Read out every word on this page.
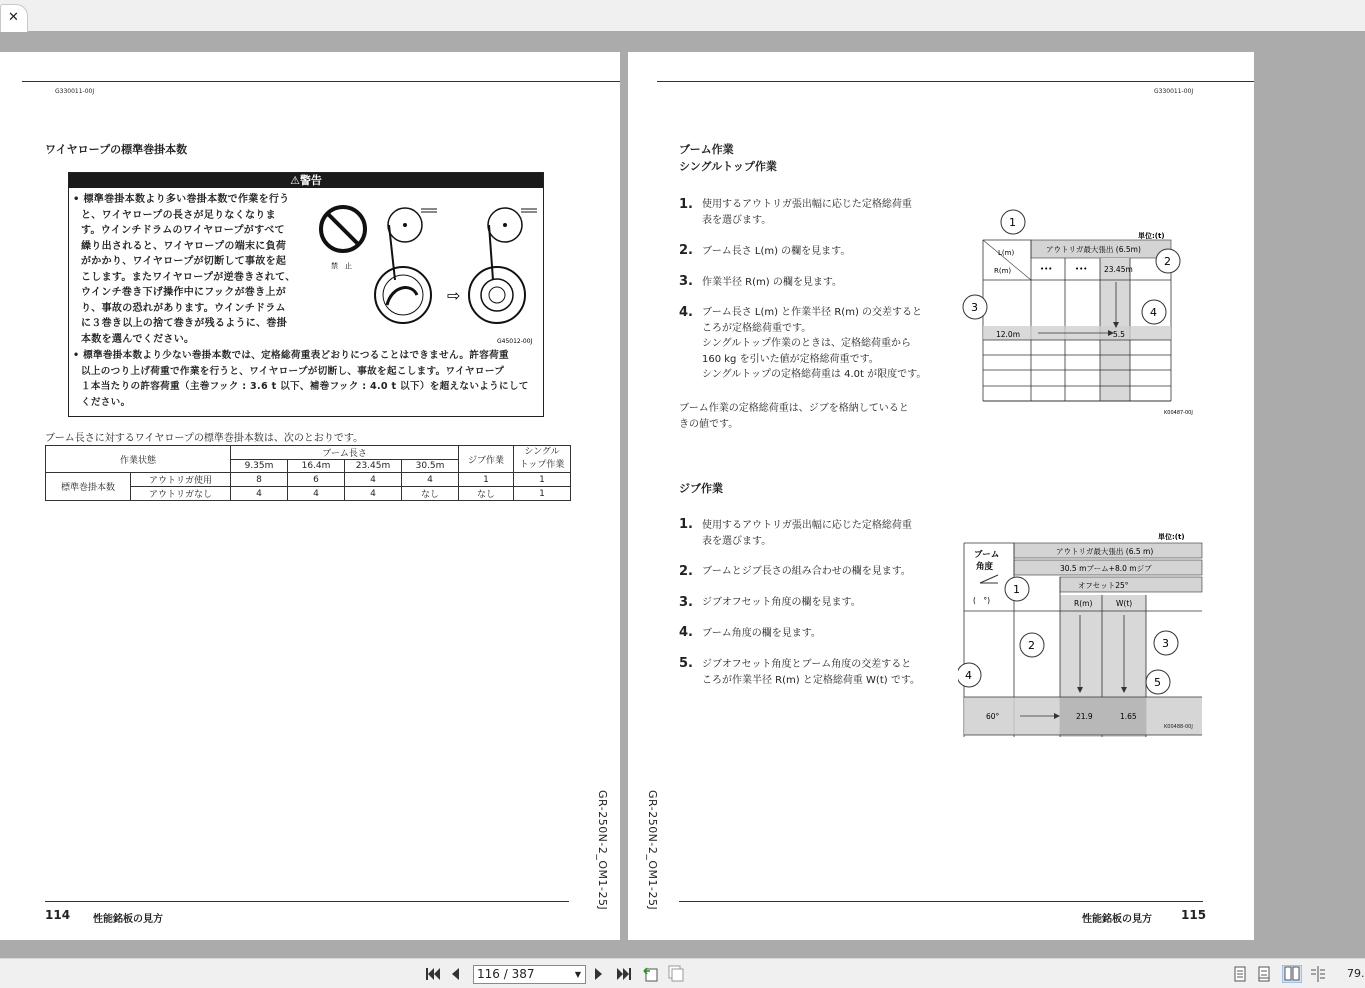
✕
G330011-00J
ワイヤロープの標準巻掛本数
⚠警告
• 標準巻掛本数より多い巻掛本数で作業を行う
と、ワイヤロープの長さが足りなくなりま
す。ウインチドラムのワイヤロープがすべて
繰り出されると、ワイヤロープの端末に負荷
がかかり、ワイヤロープが切断して事故を起
こします。またワイヤロープが逆巻きされて、
ウインチ巻き下げ操作中にフックが巻き上が
り、事故の恐れがあります。ウインチドラム
に３巻き以上の捨て巻きが残るように、巻掛
本数を選んでください。
禁　止
⇨
G45012-00J
• 標準巻掛本数より少ない巻掛本数では、定格総荷重表どおりにつることはできません。許容荷重
以上のつり上げ荷重で作業を行うと、ワイヤロープが切断し、事故を起こします。ワイヤロープ
１本当たりの許容荷重（主巻フック : 3.6 t 以下、補巻フック : 4.0 t 以下）を超えないようにして
ください。
ブーム長さに対するワイヤロープの標準巻掛本数は、次のとおりです。
作業状態		ブーム長さ				ジブ作業	シングル
トップ作業

		9.35m	16.4m	23.45m	30.5m		
標準巻掛本数	アウトリガ使用	8	6	4	4	1	1
	アウトリガなし	4	4	4	なし	なし	1
GR-250N-2_OM1-25J
114 性能銘板の見方
G330011-00J
ブーム作業
シングルトップ作業
1. 使用するアウトリガ張出幅に応じた定格総荷重
表を選びます。
2. ブーム長さ L(m) の欄を見ます。
3. 作業半径 R(m) の欄を見ます。
4. ブーム長さ L(m) と作業半径 R(m) の交差すると
ころが定格総荷重です。
シングルトップ作業のときは、定格総荷重から
160 kg を引いた値が定格総荷重です。
シングルトップの定格総荷重は 4.0t が限度です。
ブーム作業の定格総荷重は、ジブを格納していると
きの値です。
単位:(t)
アウトリガ最大張出 (6.5m)
L(m)
R(m)	•••	••• 23.45m
12.0m	5.5
1
2
3	4
K00487-00J
ジブ作業
1. 使用するアウトリガ張出幅に応じた定格総荷重
表を選びます。
2. ブームとジブ長さの組み合わせの欄を見ます。
3. ジブオフセット角度の欄を見ます。
4. ブーム角度の欄を見ます。
5. ジブオフセット角度とブーム角度の交差すると
ころが作業半径 R(m) と定格総荷重 W(t) です。
単位:(t)
アウトリガ最大張出 (6.5 m)
30.5 mブーム+8.0 mジブ
オフセット25°
ブーム
角度
(　°)	R(m)	W(t)
60°	21.9	1.65
1
2	3
4
5
K00488-00J
GR-250N-2_OM1-25J
性能銘板の見方 115
116 / 387	▼	79.
